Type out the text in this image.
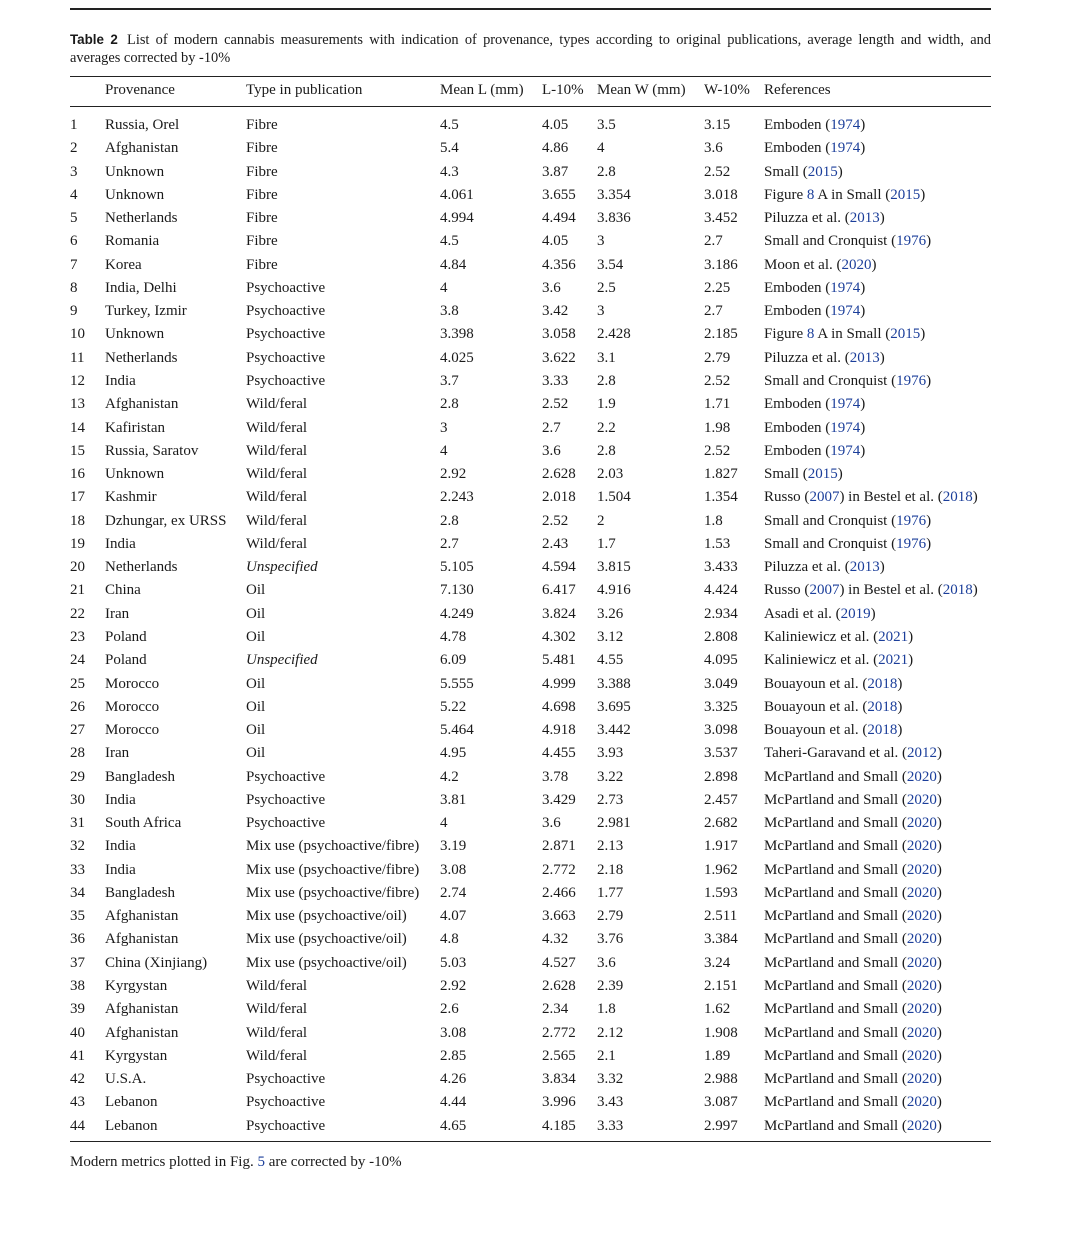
Table 2 List of modern cannabis measurements with indication of provenance, types according to original publications, average length and width, and averages corrected by -10%
Provenance	Type in publication	Mean L (mm) L-10% Mean W (mm) W-10% References
1 Russia, Orel	Fibre	4.5	4.05 3.5	3.15 Emboden (1974)
2 Afghanistan	Fibre	5.4	4.86 4	3.6	Emboden (1974)
3 Unknown	Fibre	4.3	3.87 2.8	2.52 Small (2015)
4 Unknown	Fibre	4.061	3.655 3.354	3.018 Figure 8 A in Small (2015)
5 Netherlands	Fibre	4.994	4.494 3.836	3.452 Piluzza et al. (2013)
6 Romania	Fibre	4.5	4.05 3	2.7	Small and Cronquist (1976)
7 Korea	Fibre	4.84	4.356 3.54	3.186 Moon et al. (2020)
8 India, Delhi	Psychoactive	4	3.6 2.5	2.25 Emboden (1974)
9 Turkey, Izmir	Psychoactive	3.8	3.42 3	2.7	Emboden (1974)
10 Unknown	Psychoactive	3.398	3.058 2.428	2.185 Figure 8 A in Small (2015)
11 Netherlands	Psychoactive	4.025	3.622 3.1	2.79 Piluzza et al. (2013)
12 India	Psychoactive	3.7	3.33 2.8	2.52 Small and Cronquist (1976)
13 Afghanistan	Wild/feral	2.8	2.52 1.9	1.71 Emboden (1974)
14 Kafiristan	Wild/feral	3	2.7 2.2	1.98 Emboden (1974)
15 Russia, Saratov	Wild/feral	4	3.6 2.8	2.52 Emboden (1974)
16 Unknown	Wild/feral	2.92	2.628 2.03	1.827 Small (2015)
17 Kashmir	Wild/feral	2.243	2.018 1.504	1.354 Russo (2007) in Bestel et al. (2018)
18 Dzhungar, ex URSS Wild/feral	2.8	2.52 2	1.8	Small and Cronquist (1976)
19 India	Wild/feral	2.7	2.43 1.7	1.53 Small and Cronquist (1976)
20 Netherlands	Unspecified	5.105	4.594 3.815	3.433 Piluzza et al. (2013)
21 China	Oil	7.130	6.417 4.916	4.424 Russo (2007) in Bestel et al. (2018)
22 Iran	Oil	4.249	3.824 3.26	2.934 Asadi et al. (2019)
23 Poland	Oil	4.78	4.302 3.12	2.808 Kaliniewicz et al. (2021)
24 Poland	Unspecified	6.09	5.481 4.55	4.095 Kaliniewicz et al. (2021)
25 Morocco	Oil	5.555	4.999 3.388	3.049 Bouayoun et al. (2018)
26 Morocco	Oil	5.22	4.698 3.695	3.325 Bouayoun et al. (2018)
27 Morocco	Oil	5.464	4.918 3.442	3.098 Bouayoun et al. (2018)
28 Iran	Oil	4.95	4.455 3.93	3.537 Taheri-Garavand et al. (2012)
29 Bangladesh	Psychoactive	4.2	3.78 3.22	2.898 McPartland and Small (2020)
30 India	Psychoactive	3.81	3.429 2.73	2.457 McPartland and Small (2020)
31 South Africa	Psychoactive	4	3.6 2.981	2.682 McPartland and Small (2020)
32 India	Mix use (psychoactive/fibre) 3.19	2.871 2.13	1.917 McPartland and Small (2020)
33 India	Mix use (psychoactive/fibre) 3.08	2.772 2.18	1.962 McPartland and Small (2020)
34 Bangladesh	Mix use (psychoactive/fibre) 2.74	2.466 1.77	1.593 McPartland and Small (2020)
35 Afghanistan	Mix use (psychoactive/oil) 4.07	3.663 2.79	2.511 McPartland and Small (2020)
36 Afghanistan	Mix use (psychoactive/oil) 4.8	4.32 3.76	3.384 McPartland and Small (2020)
37 China (Xinjiang)	Mix use (psychoactive/oil) 5.03	4.527 3.6	3.24 McPartland and Small (2020)
38 Kyrgystan	Wild/feral	2.92	2.628 2.39	2.151 McPartland and Small (2020)
39 Afghanistan	Wild/feral	2.6	2.34 1.8	1.62 McPartland and Small (2020)
40 Afghanistan	Wild/feral	3.08	2.772 2.12	1.908 McPartland and Small (2020)
41 Kyrgystan	Wild/feral	2.85	2.565 2.1	1.89 McPartland and Small (2020)
42 U.S.A.	Psychoactive	4.26	3.834 3.32	2.988 McPartland and Small (2020)
43 Lebanon	Psychoactive	4.44	3.996 3.43	3.087 McPartland and Small (2020)
44 Lebanon	Psychoactive	4.65	4.185 3.33	2.997 McPartland and Small (2020)
Modern metrics plotted in Fig. 5 are corrected by -10%
